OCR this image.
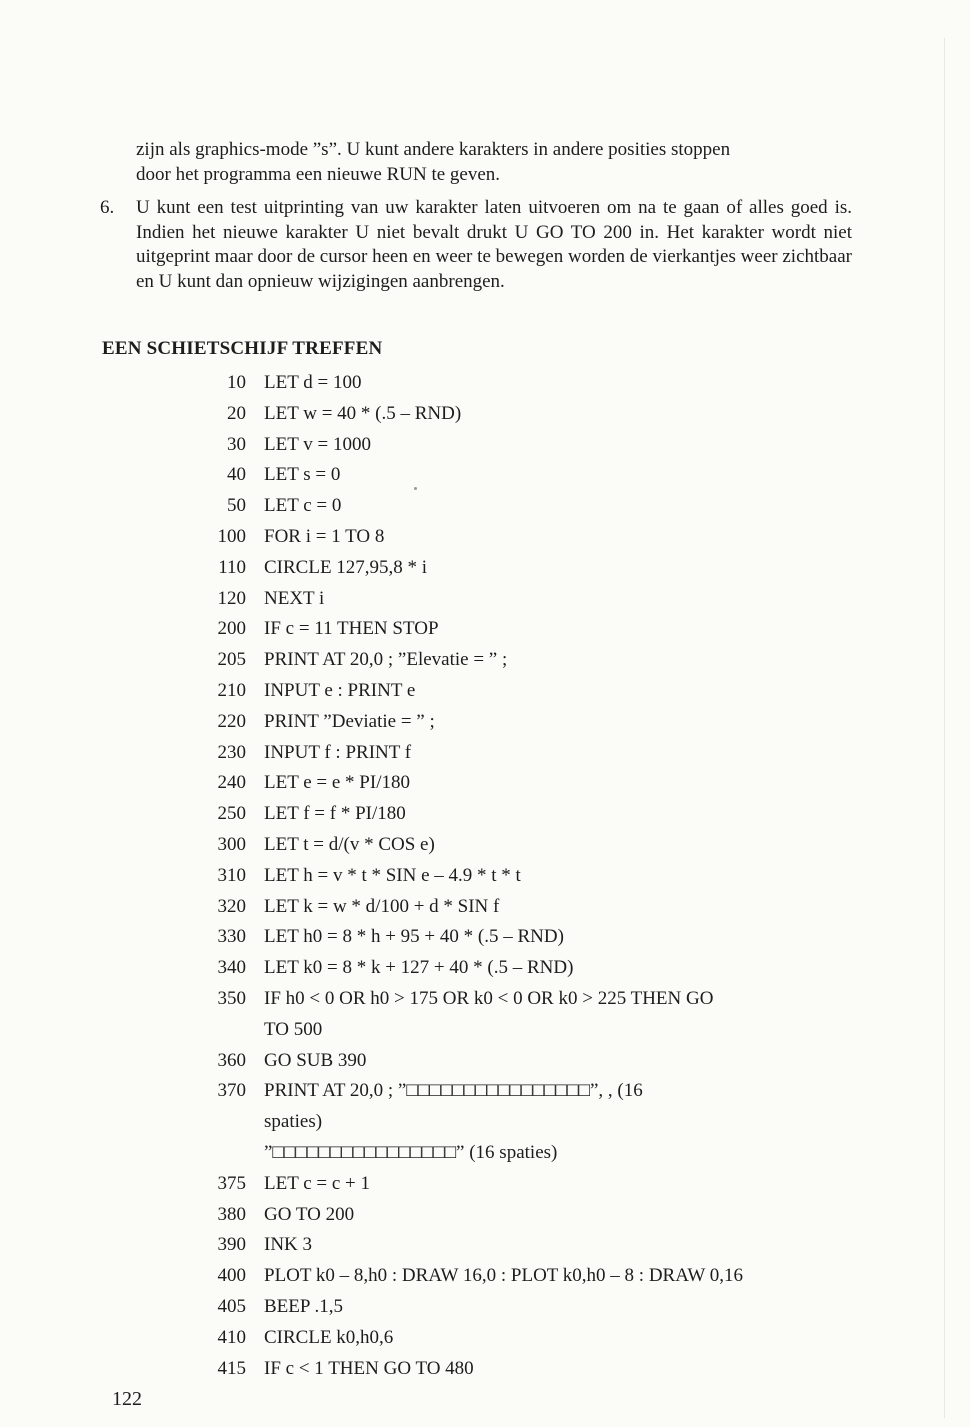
zijn als graphics-mode ”s”. U kunt andere karakters in andere posities stoppen

door het programma een nieuwe RUN te geven.

6. U kunt een test uitprinting van uw karakter laten uitvoeren om na te gaan of alles goed is. Indien het nieuwe karakter U niet bevalt drukt U GO TO 200 in. Het karakter wordt niet uitgeprint maar door de cursor heen en weer te bewegen worden de vierkantjes weer zichtbaar en U kunt dan opnieuw wijzigingen aanbrengen.

EEN SCHIETSCHIJF TREFFEN
10 LET d = 100
20 LET w = 40 * (.5 – RND)
30 LET v = 1000
40 LET s = 0
50 LET c = 0
100 FOR i = 1 TO 8
110 CIRCLE 127,95,8 * i
120 NEXT i
200 IF c = 11 THEN STOP
205 PRINT AT 20,0 ; ”Elevatie = ” ;
210 INPUT e : PRINT e
220 PRINT ”Deviatie = ” ;
230 INPUT f : PRINT f
240 LET e = e * PI/180
250 LET f = f * PI/180
300 LET t = d/(v * COS e)
310 LET h = v * t * SIN e – 4.9 * t * t
320 LET k = w * d/100 + d * SIN f
330 LET h0 = 8 * h + 95 + 40 * (.5 – RND)
340 LET k0 = 8 * k + 127 + 40 * (.5 – RND)
350 IF h0 < 0 OR h0 > 175 OR k0 < 0 OR k0 > 225 THEN GO
TO 500
360 GO SUB 390
370 PRINT AT 20,0 ; ”□□□□□□□□□□□□□□□□”, , (16
spaties)
”□□□□□□□□□□□□□□□□” (16 spaties)
375 LET c = c + 1
380 GO TO 200
390 INK 3
400 PLOT k0 – 8,h0 : DRAW 16,0 : PLOT k0,h0 – 8 : DRAW 0,16
405 BEEP .1,5
410 CIRCLE k0,h0,6
415 IF c < 1 THEN GO TO 480
122
